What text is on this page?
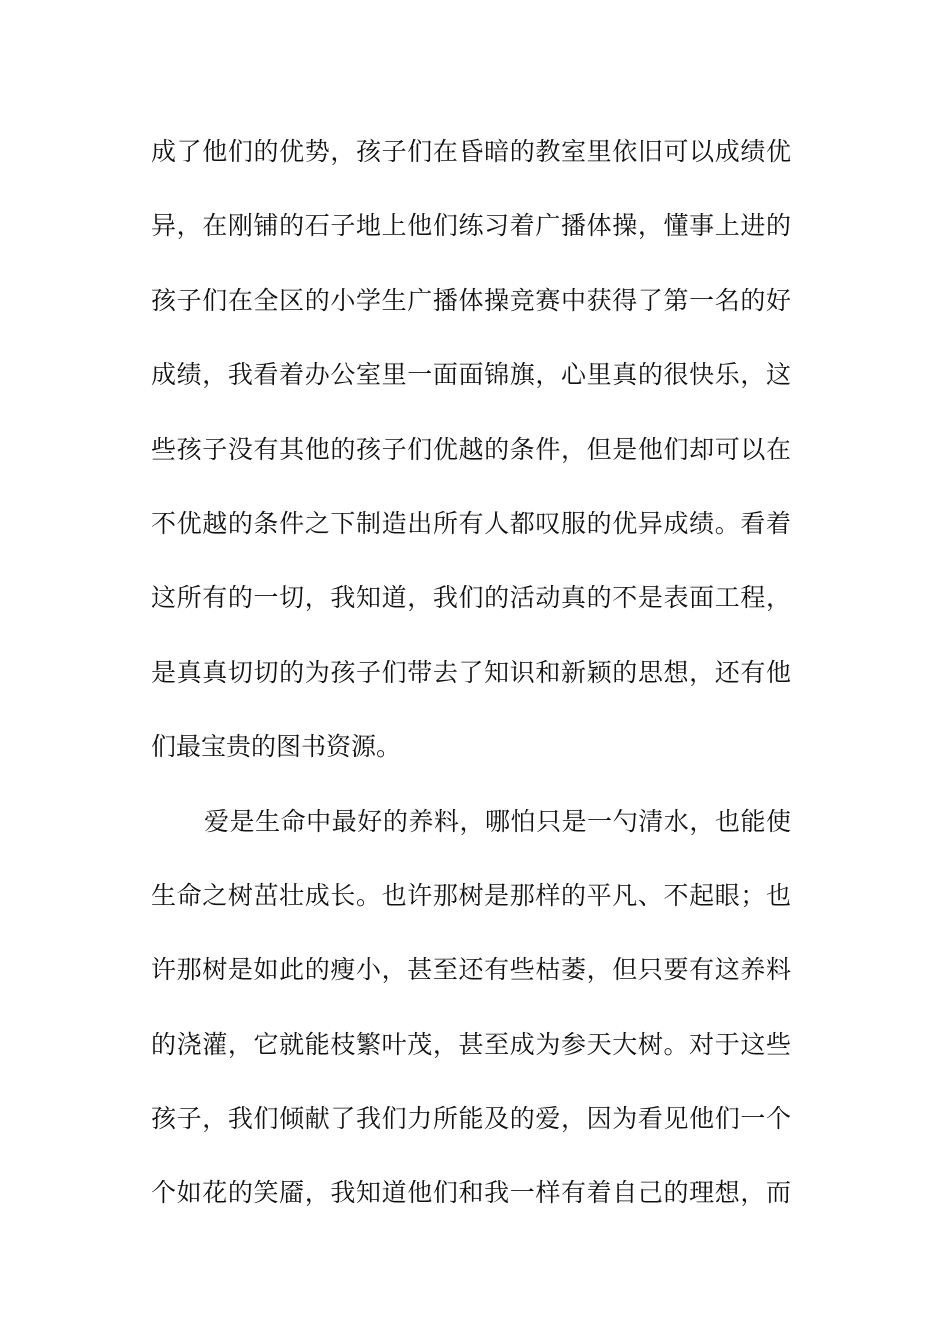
成了他们的优势，孩子们在昏暗的教室里依旧可以成绩优
异，在刚铺的石子地上他们练习着广播体操，懂事上进的
孩子们在全区的小学生广播体操竞赛中获得了第一名的好
成绩，我看着办公室里一面面锦旗，心里真的很快乐，这
些孩子没有其他的孩子们优越的条件，但是他们却可以在
不优越的条件之下制造出所有人都叹服的优异成绩。看着
这所有的一切，我知道，我们的活动真的不是表面工程，
是真真切切的为孩子们带去了知识和新颖的思想，还有他
们最宝贵的图书资源。
爱是生命中最好的养料，哪怕只是一勺清水，也能使
生命之树茁壮成长。也许那树是那样的平凡、不起眼；也
许那树是如此的瘦小，甚至还有些枯萎，但只要有这养料
的浇灌，它就能枝繁叶茂，甚至成为参天大树。对于这些
孩子，我们倾献了我们力所能及的爱，因为看见他们一个
个如花的笑靥，我知道他们和我一样有着自己的理想，而
